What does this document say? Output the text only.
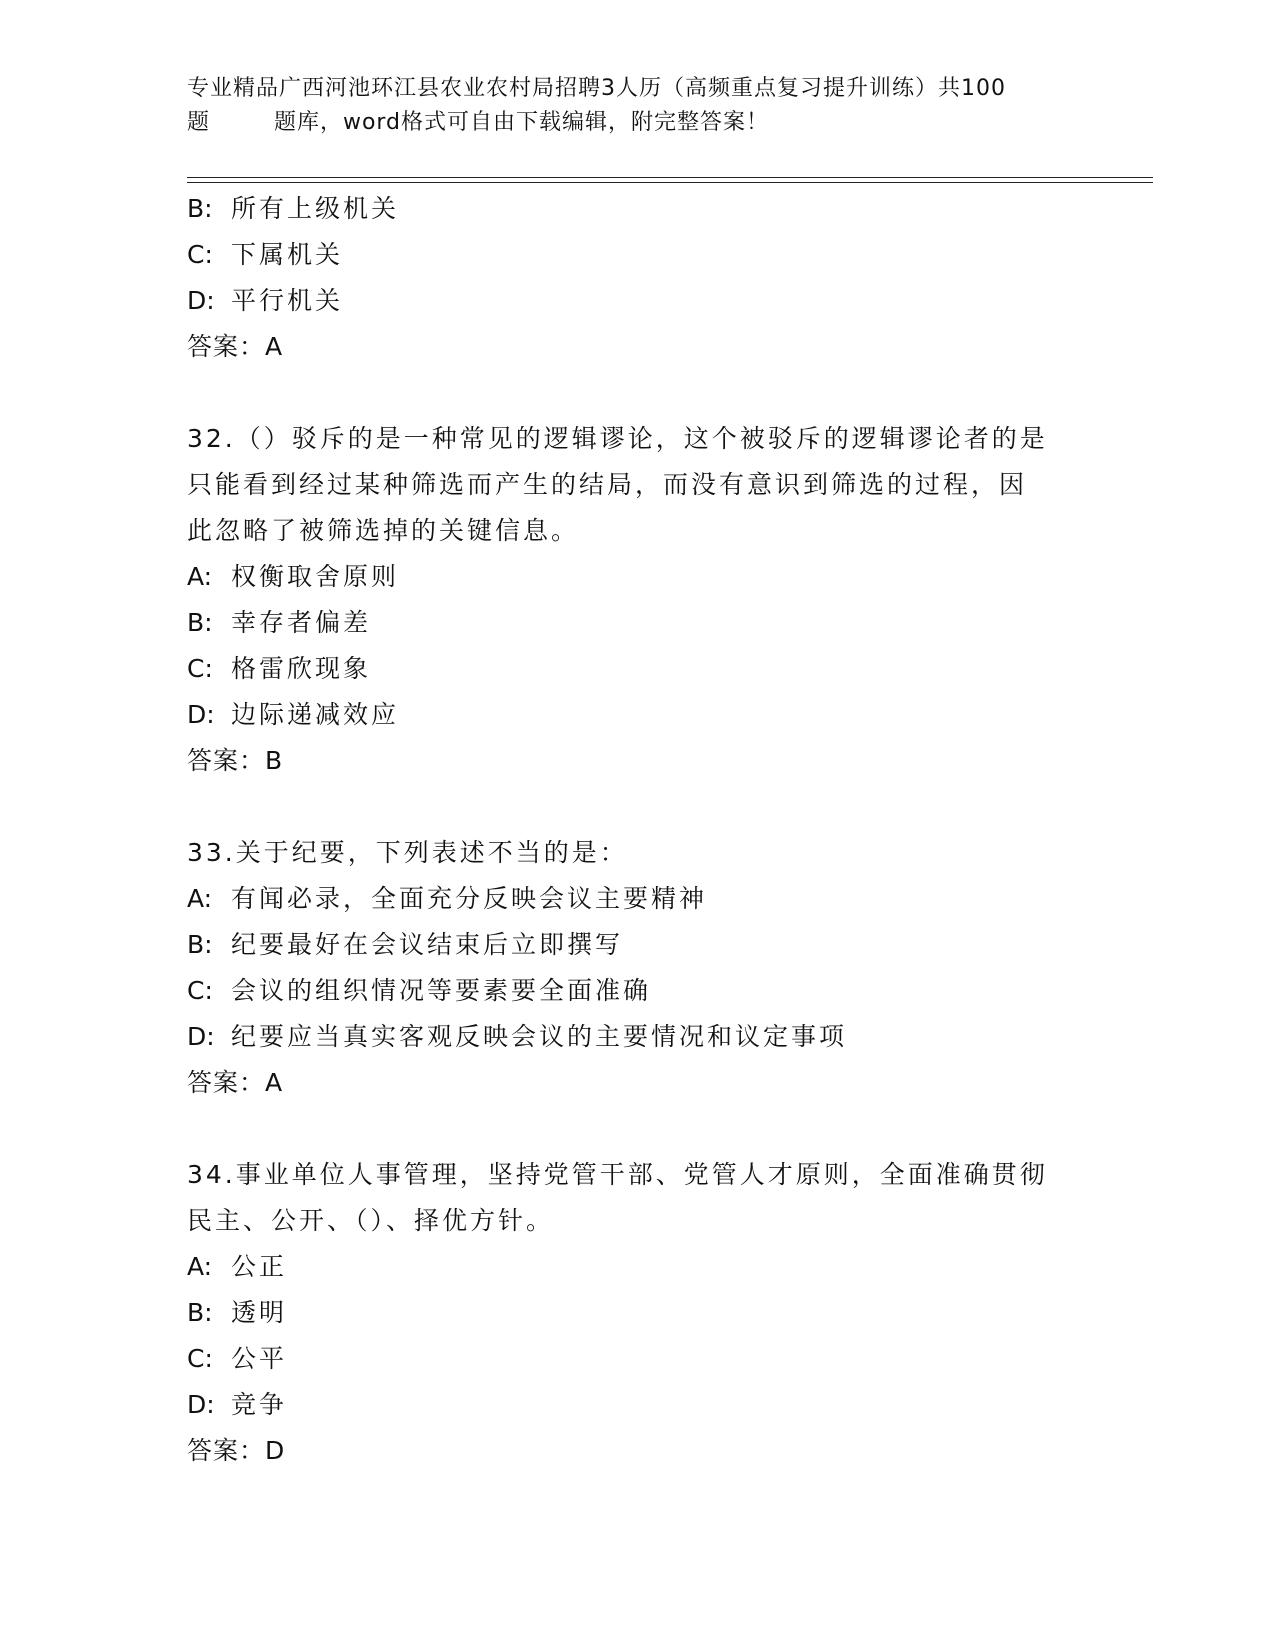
专业精品广西河池环江县农业农村局招聘3人历（高频重点复习提升训练）共100
题        题库，word格式可自由下载编辑，附完整答案！
B: 所有上级机关
C: 下属机关
D: 平行机关
答案：A
32.（）驳斥的是一种常见的逻辑谬论，这个被驳斥的逻辑谬论者的是
只能看到经过某种筛选而产生的结局，而没有意识到筛选的过程，因
此忽略了被筛选掉的关键信息。
A: 权衡取舍原则
B: 幸存者偏差
C: 格雷欣现象
D: 边际递减效应
答案：B
33.关于纪要，下列表述不当的是：
A: 有闻必录，全面充分反映会议主要精神
B: 纪要最好在会议结束后立即撰写
C: 会议的组织情况等要素要全面准确
D: 纪要应当真实客观反映会议的主要情况和议定事项
答案：A
34.事业单位人事管理，坚持党管干部、党管人才原则，全面准确贯彻
民主、公开、（）、择优方针。
A: 公正
B: 透明
C: 公平
D: 竞争
答案：D
